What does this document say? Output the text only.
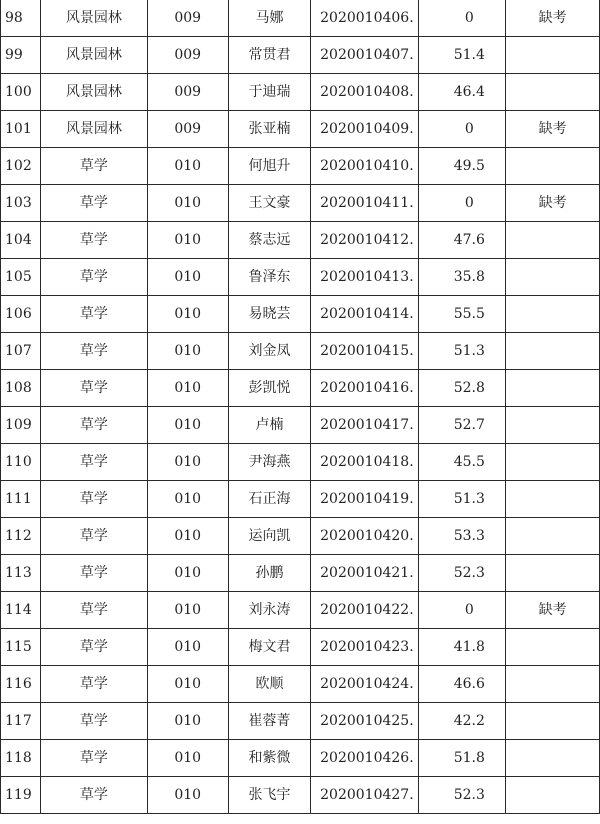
98	风景园林	009	马娜	2020010406.	0	缺考
99	风景园林	009	常贯君	2020010407.	51.4	
100	风景园林	009	于迪瑞	2020010408.	46.4	
101	风景园林	009	张亚楠	2020010409.	0	缺考
102	草学	010	何旭升	2020010410.	49.5	
103	草学	010	王文豪	2020010411.	0	缺考
104	草学	010	蔡志远	2020010412.	47.6	
105	草学	010	鲁泽东	2020010413.	35.8	
106	草学	010	易晓芸	2020010414.	55.5	
107	草学	010	刘金凤	2020010415.	51.3	
108	草学	010	彭凯悦	2020010416.	52.8	
109	草学	010	卢楠	2020010417.	52.7	
110	草学	010	尹海燕	2020010418.	45.5	
111	草学	010	石正海	2020010419.	51.3	
112	草学	010	运向凯	2020010420.	53.3	
113	草学	010	孙鹏	2020010421.	52.3	
114	草学	010	刘永涛	2020010422.	0	缺考
115	草学	010	梅文君	2020010423.	41.8	
116	草学	010	欧顺	2020010424.	46.6	
117	草学	010	崔蓉菁	2020010425.	42.2	
118	草学	010	和紫微	2020010426.	51.8	
119	草学	010	张飞宇	2020010427.	52.3	
